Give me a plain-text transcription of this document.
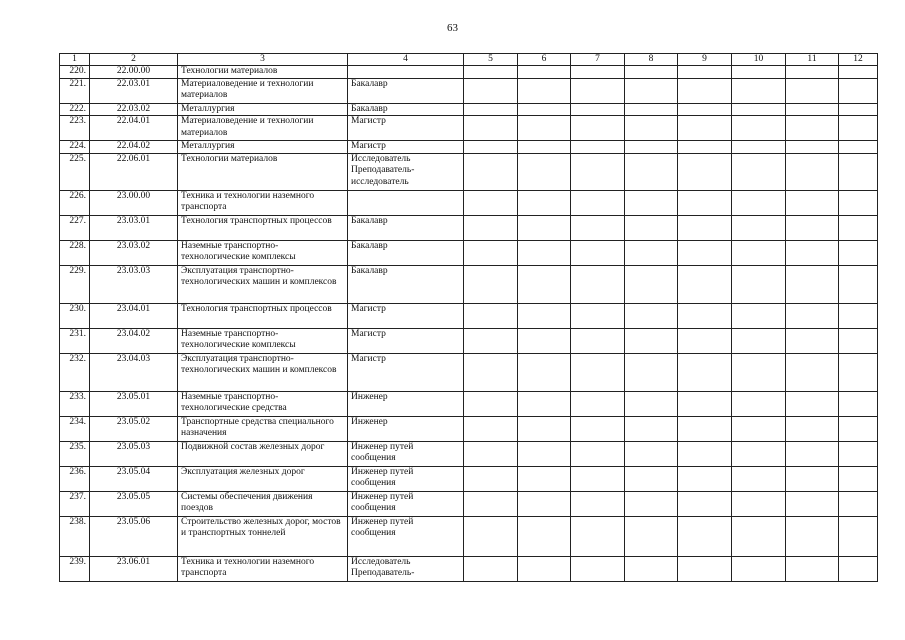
63
1	2	3	4	5	6	7	8	9	10	11	12
220.	22.00.00	Технологии материалов									
221.	22.03.01	Материаловедение и технологии материалов	Бакалавр								
222.	22.03.02	Металлургия	Бакалавр								
223.	22.04.01	Материаловедение и технологии материалов	Магистр								
224.	22.04.02	Металлургия	Магистр								
225.	22.06.01	Технологии материалов	Исследователь Преподаватель-исследователь								
226.	23.00.00	Техника и технологии наземного транспорта									
227.	23.03.01	Технология транспортных процессов	Бакалавр								
228.	23.03.02	Наземные транспортно-технологические комплексы	Бакалавр								
229.	23.03.03	Эксплуатация транспортно-технологических машин и комплексов	Бакалавр								
230.	23.04.01	Технология транспортных процессов	Магистр								
231.	23.04.02	Наземные транспортно-технологические комплексы	Магистр								
232.	23.04.03	Эксплуатация транспортно-технологических машин и комплексов	Магистр								
233.	23.05.01	Наземные транспортно-технологические средства	Инженер								
234.	23.05.02	Транспортные средства специального назначения	Инженер								
235.	23.05.03	Подвижной состав железных дорог	Инженер путей сообщения								
236.	23.05.04	Эксплуатация железных дорог	Инженер путей сообщения								
237.	23.05.05	Системы обеспечения движения поездов	Инженер путей сообщения								
238.	23.05.06	Строительство железных дорог, мостов и транспортных тоннелей	Инженер путей сообщения								
239.	23.06.01	Техника и технологии наземного транспорта	Исследователь Преподаватель-								
